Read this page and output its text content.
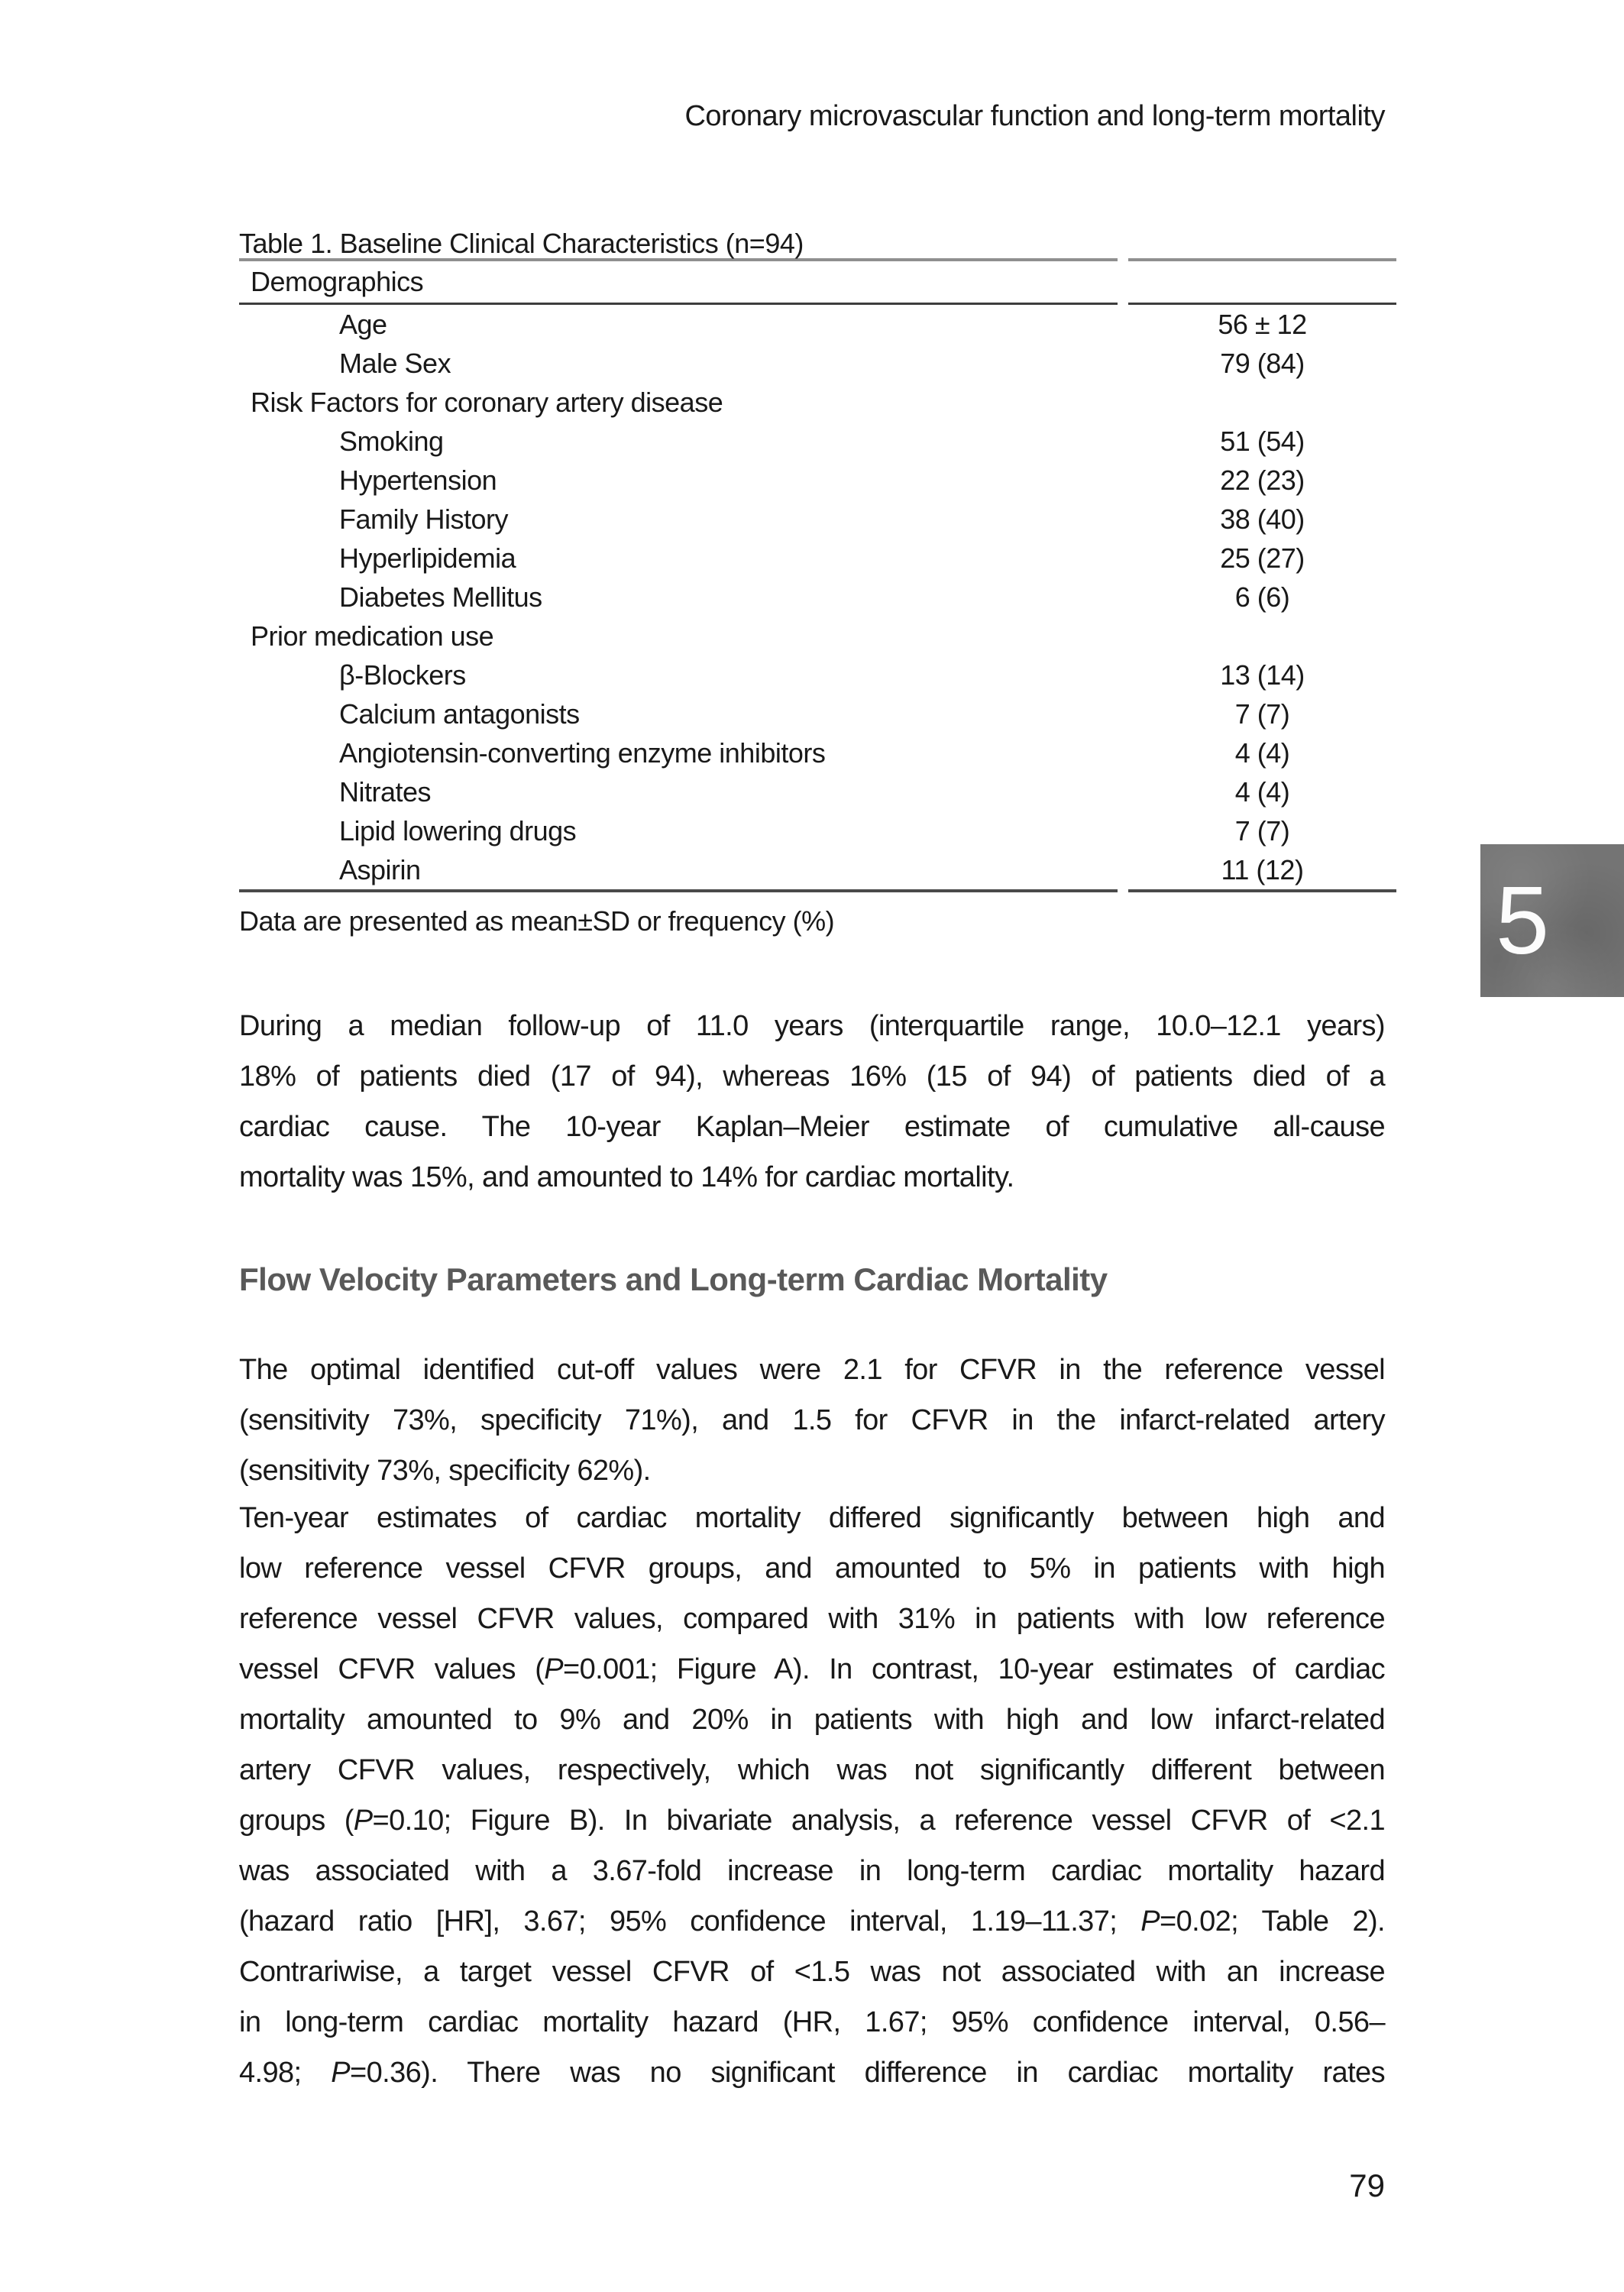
Coronary microvascular function and long-term mortality

Table 1. Baseline Clinical Characteristics (n=94)

Demographics	
Age	56 ± 12
Male Sex	79 (84)
Risk Factors for coronary artery disease	
Smoking	51 (54)
Hypertension	22 (23)
Family History	38 (40)
Hyperlipidemia	25 (27)
Diabetes Mellitus	6 (6)
Prior medication use	
β-Blockers	13 (14)
Calcium antagonists	7 (7)
Angiotensin-converting enzyme inhibitors	4 (4)
Nitrates	4 (4)
Lipid lowering drugs	7 (7)
Aspirin	11 (12)
Data are presented as mean±SD or frequency (%)
During a median follow-up of 11.0 years (interquartile range, 10.0–12.1 years)
18% of patients died (17 of 94), whereas 16% (15 of 94) of patients died of a
cardiac cause. The 10-year Kaplan–Meier estimate of cumulative all-cause
mortality was 15%, and amounted to 14% for cardiac mortality.
Flow Velocity Parameters and Long-term Cardiac Mortality
The optimal identified cut-off values were 2.1 for CFVR in the reference vessel
(sensitivity 73%, specificity 71%), and 1.5 for CFVR in the infarct-related artery
(sensitivity 73%, specificity 62%).
Ten-year estimates of cardiac mortality differed significantly between high and
low reference vessel CFVR groups, and amounted to 5% in patients with high
reference vessel CFVR values, compared with 31% in patients with low reference
vessel CFVR values (P=0.001; Figure A). In contrast, 10-year estimates of cardiac
mortality amounted to 9% and 20% in patients with high and low infarct-related
artery CFVR values, respectively, which was not significantly different between
groups (P=0.10; Figure B). In bivariate analysis, a reference vessel CFVR of <2.1
was associated with a 3.67-fold increase in long-term cardiac mortality hazard
(hazard ratio [HR], 3.67; 95% confidence interval, 1.19–11.37; P=0.02; Table 2).
Contrariwise, a target vessel CFVR of <1.5 was not associated with an increase
in long-term cardiac mortality hazard (HR, 1.67; 95% confidence interval, 0.56–
4.98; P=0.36). There was no significant difference in cardiac mortality rates
5
79
